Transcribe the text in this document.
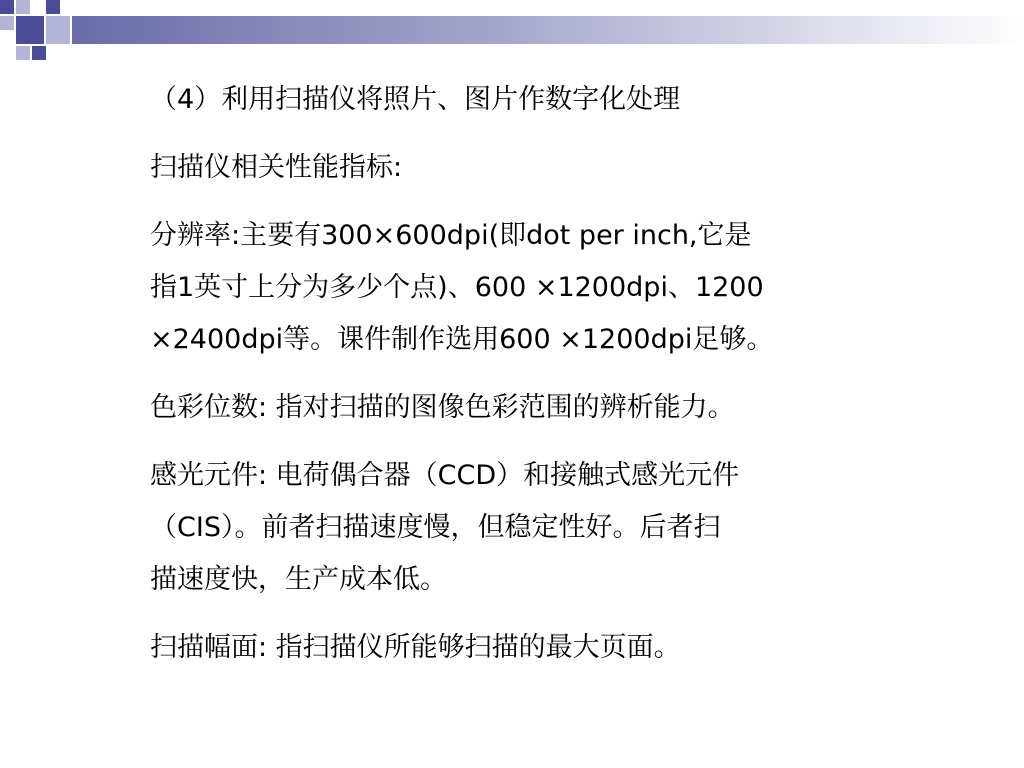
（4）利用扫描仪将照片、图片作数字化处理

扫描仪相关性能指标:

分辨率:主要有300×600dpi(即dot per inch,它是

指1英寸上分为多少个点)、600 ×1200dpi、1200

×2400dpi等。课件制作选用600 ×1200dpi足够。

色彩位数: 指对扫描的图像色彩范围的辨析能力。

感光元件: 电荷偶合器（CCD）和接触式感光元件

（CIS）。前者扫描速度慢，但稳定性好。后者扫

描速度快，生产成本低。

扫描幅面: 指扫描仪所能够扫描的最大页面。
